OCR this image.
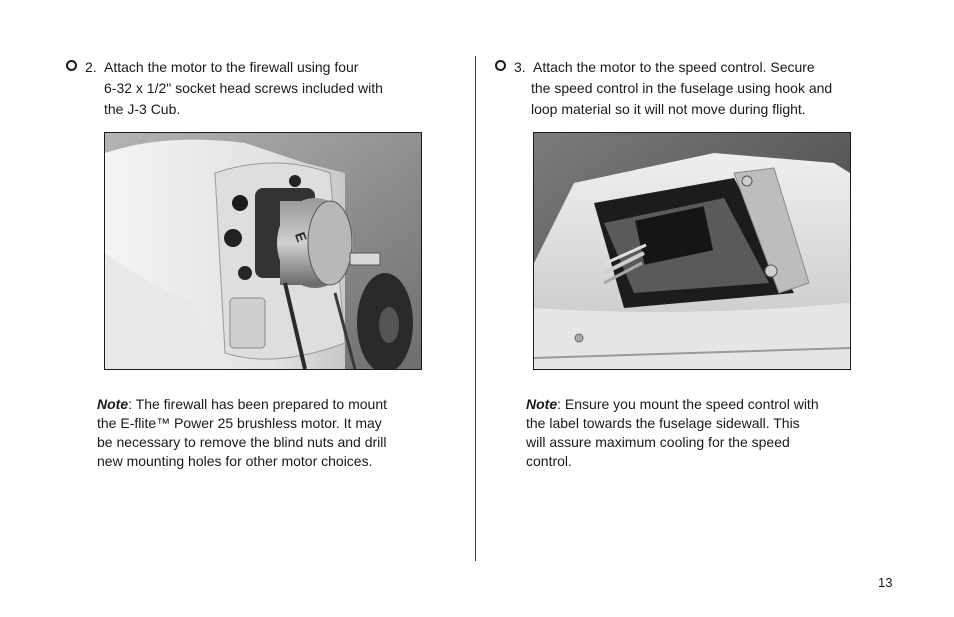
2. Attach the motor to the firewall using four
6-32 x 1/2" socket head screws included with
the J-3 Cub.
E
Note: The firewall has been prepared to mount
the E-flite™ Power 25 brushless motor. It may
be necessary to remove the blind nuts and drill
new mounting holes for other motor choices.
3. Attach the motor to the speed control. Secure
the speed control in the fuselage using hook and
loop material so it will not move during flight.
Note: Ensure you mount the speed control with
the label towards the fuselage sidewall. This
will assure maximum cooling for the speed
control.
13
